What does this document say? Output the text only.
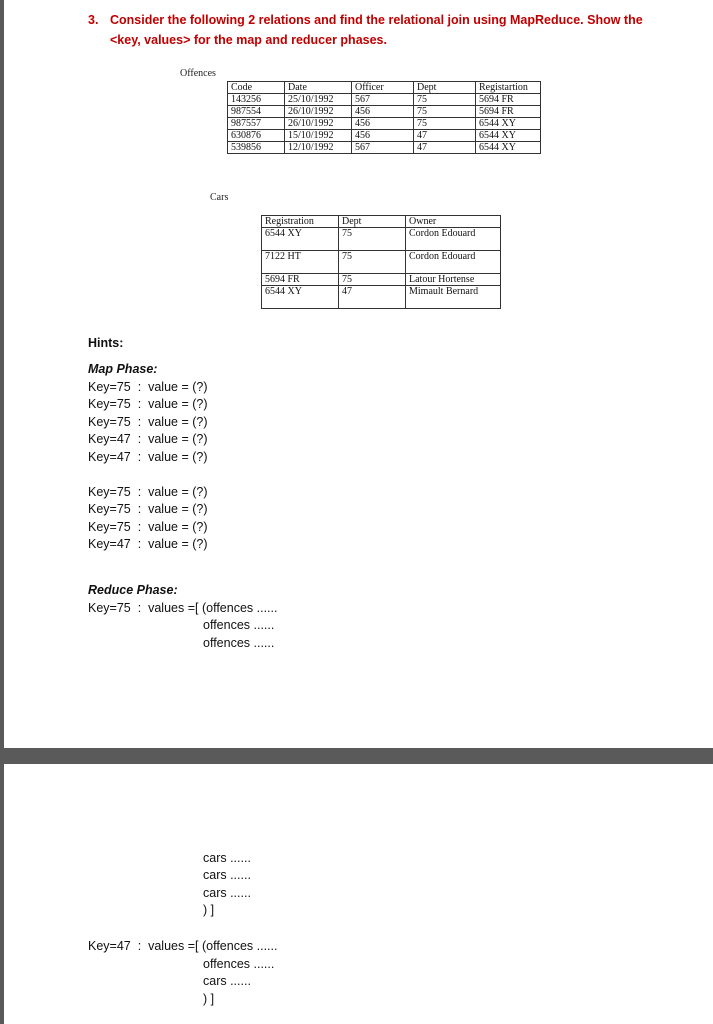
3. Consider the following 2 relations and find the relational join using MapReduce. Show the <key, values> for the map and reducer phases.
Offences
Code	Date	Officer	Dept	Registartion
143256	25/10/1992	567	75	5694 FR
987554	26/10/1992	456	75	5694 FR
987557	26/10/1992	456	75	6544 XY
630876	15/10/1992	456	47	6544 XY
539856	12/10/1992	567	47	6544 XY
Cars
Registration	Dept	Owner
6544 XY	75	Cordon Edouard
7122 HT	75	Cordon Edouard
5694 FR	75	Latour Hortense
6544 XY	47	Mimault Bernard
Hints:
Map Phase:
Key=75  :  value = (?)
Key=75  :  value = (?)
Key=75  :  value = (?)
Key=47  :  value = (?)
Key=47  :  value = (?)
Key=75  :  value = (?)
Key=75  :  value = (?)
Key=75  :  value = (?)
Key=47  :  value = (?)
Reduce Phase:
Key=75  :  values =[ (offences ......
offences ......
offences ......
cars ......
cars ......
cars ......
) ]
Key=47  :  values =[ (offences ......
offences ......
cars ......
) ]
